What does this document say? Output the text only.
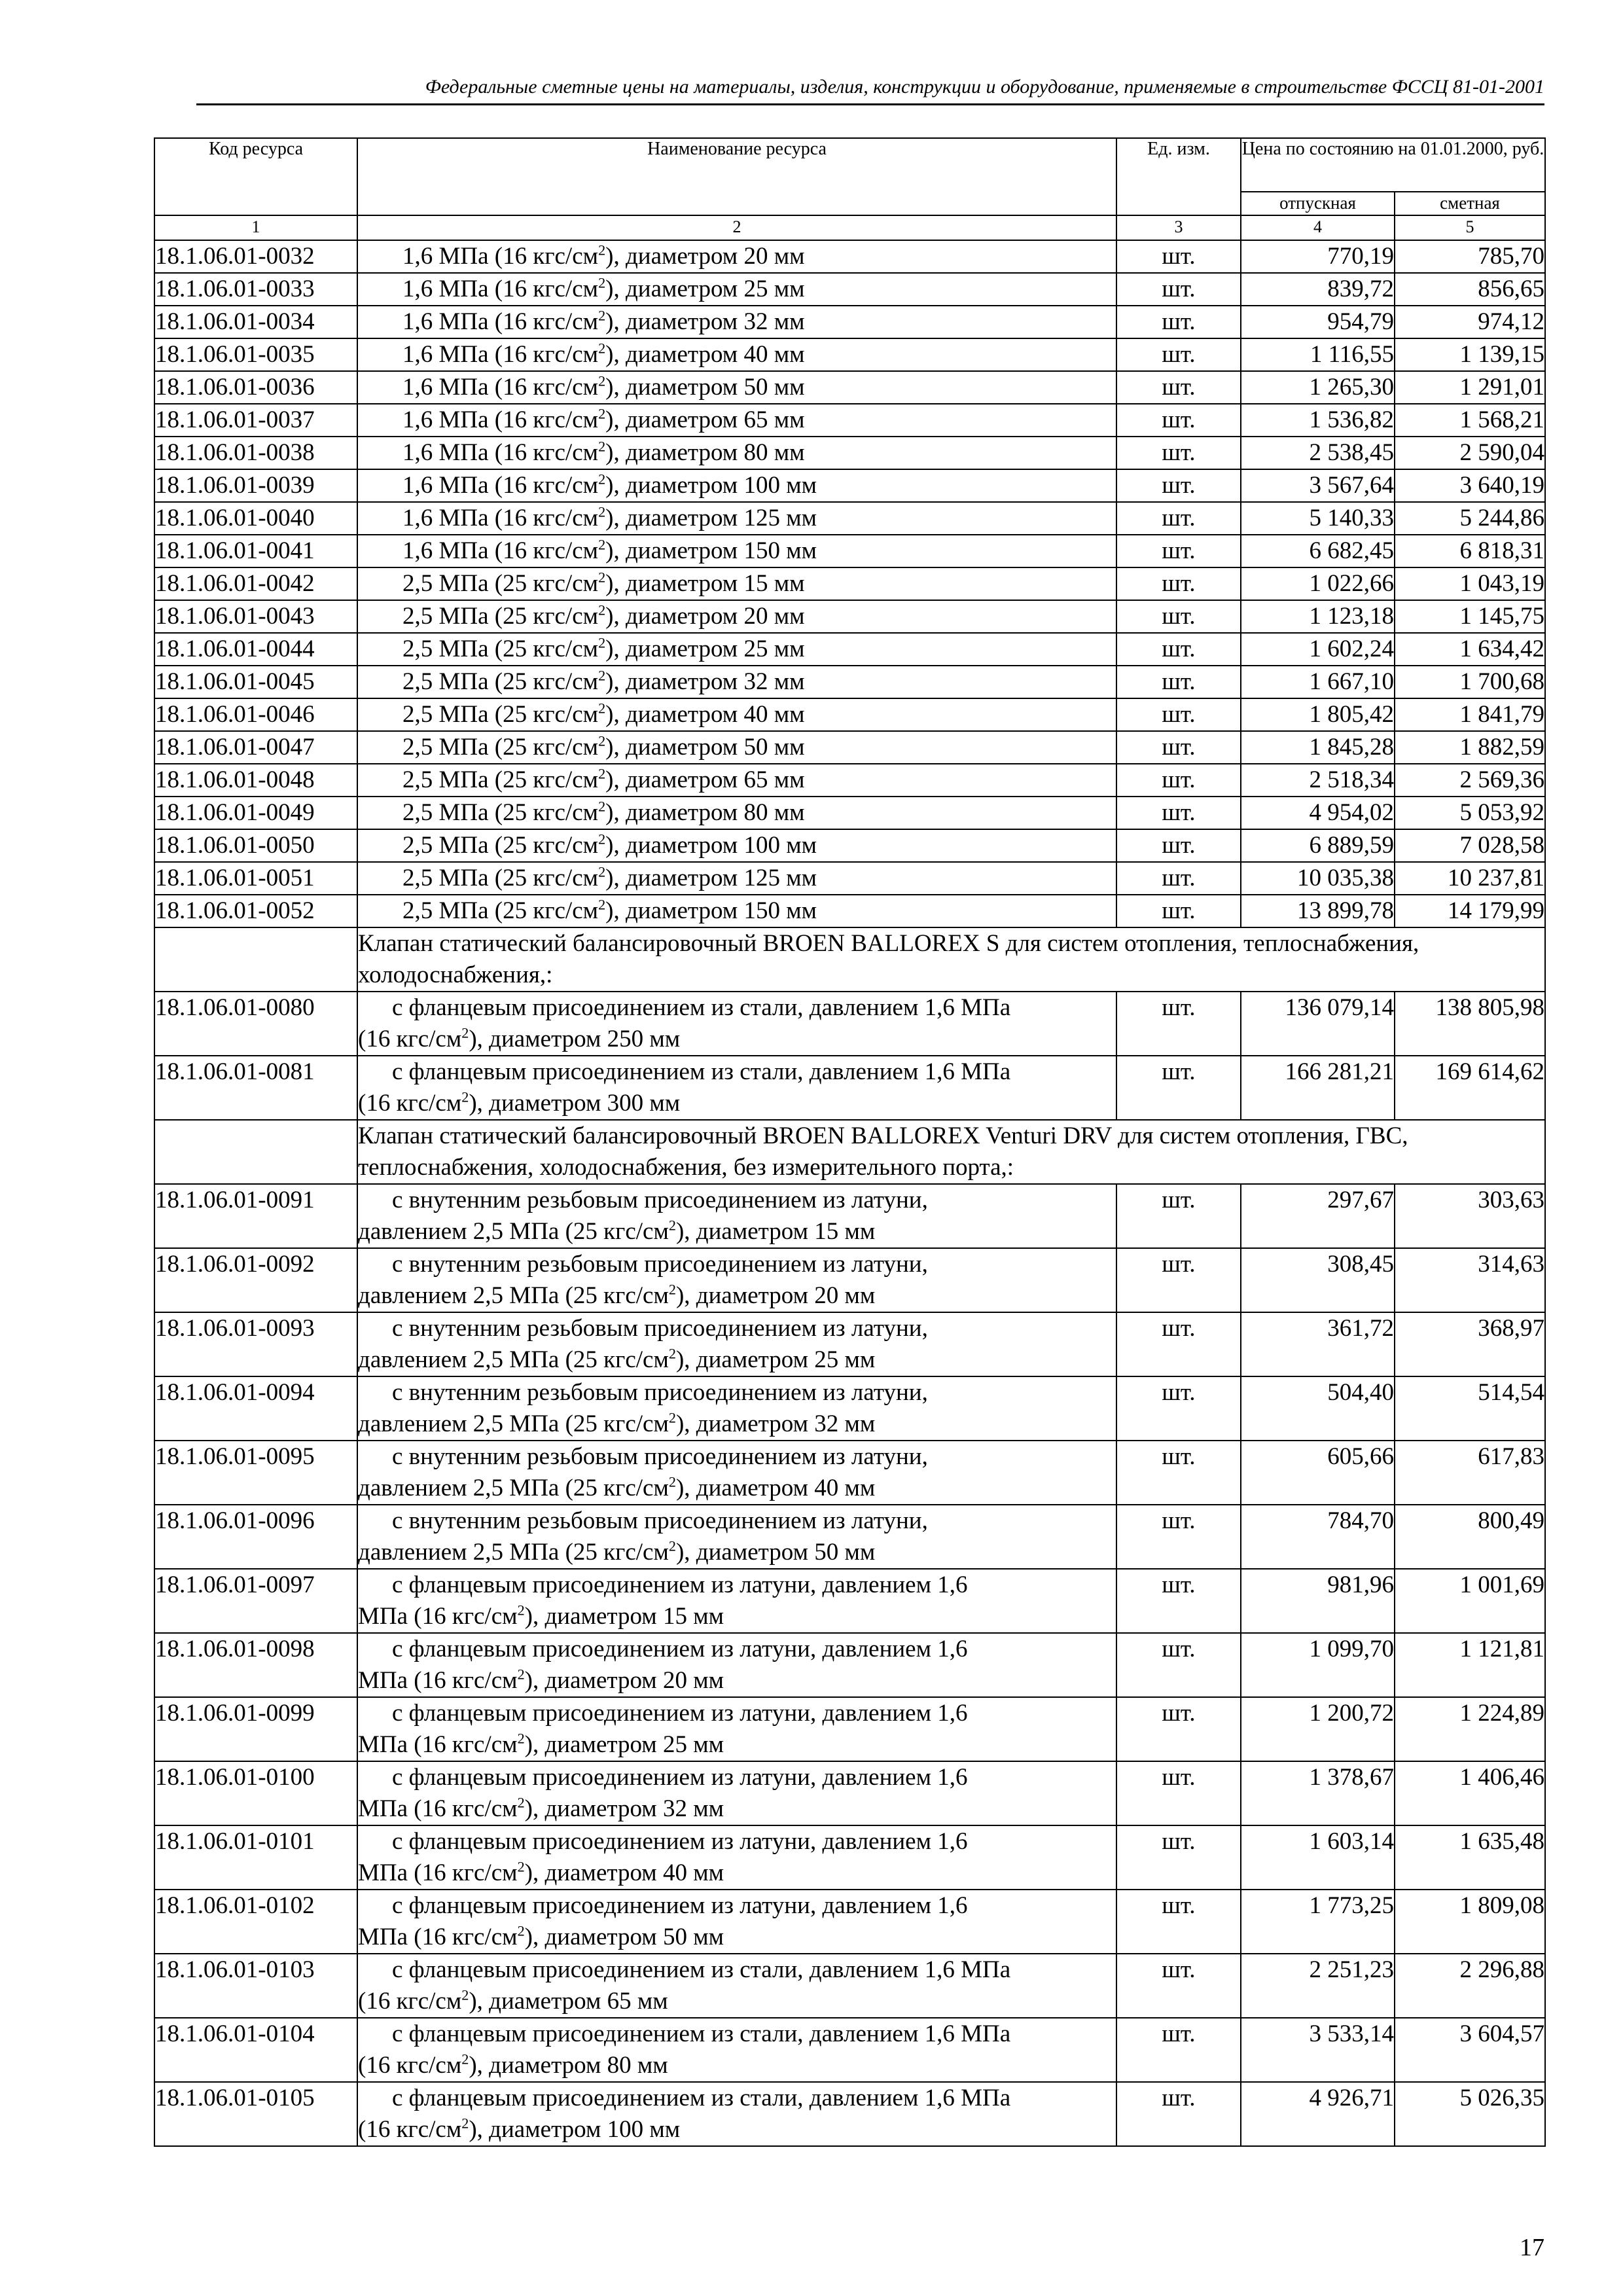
Федеральные сметные цены на материалы, изделия, конструкции и оборудование, применяемые в строительстве ФССЦ 81-01-2001
Код ресурса	Наименование ресурса	Ед. изм.	Цена по состоянию на 01.01.2000, руб.	
			отпускная	сметная
1	2	3	4	5
18.1.06.01-0032	1,6 МПа (16 кгс/$см^2$), диаметром 20 мм	шт.	770,19	785,70
18.1.06.01-0033	1,6 МПа (16 кгс/$см^2$), диаметром 25 мм	шт.	839,72	856,65
18.1.06.01-0034	1,6 МПа (16 кгс/$см^2$), диаметром 32 мм	шт.	954,79	974,12
18.1.06.01-0035	1,6 МПа (16 кгс/$см^2$), диаметром 40 мм	шт.	1 116,55	1 139,15
18.1.06.01-0036	1,6 МПа (16 кгс/$см^2$), диаметром 50 мм	шт.	1 265,30	1 291,01
18.1.06.01-0037	1,6 МПа (16 кгс/$см^2$), диаметром 65 мм	шт.	1 536,82	1 568,21
18.1.06.01-0038	1,6 МПа (16 кгс/$см^2$), диаметром 80 мм	шт.	2 538,45	2 590,04
18.1.06.01-0039	1,6 МПа (16 кгс/$см^2$), диаметром 100 мм	шт.	3 567,64	3 640,19
18.1.06.01-0040	1,6 МПа (16 кгс/$см^2$), диаметром 125 мм	шт.	5 140,33	5 244,86
18.1.06.01-0041	1,6 МПа (16 кгс/$см^2$), диаметром 150 мм	шт.	6 682,45	6 818,31
18.1.06.01-0042	2,5 МПа (25 кгс/$см^2$), диаметром 15 мм	шт.	1 022,66	1 043,19
18.1.06.01-0043	2,5 МПа (25 кгс/$см^2$), диаметром 20 мм	шт.	1 123,18	1 145,75
18.1.06.01-0044	2,5 МПа (25 кгс/$см^2$), диаметром 25 мм	шт.	1 602,24	1 634,42
18.1.06.01-0045	2,5 МПа (25 кгс/$см^2$), диаметром 32 мм	шт.	1 667,10	1 700,68
18.1.06.01-0046	2,5 МПа (25 кгс/$см^2$), диаметром 40 мм	шт.	1 805,42	1 841,79
18.1.06.01-0047	2,5 МПа (25 кгс/$см^2$), диаметром 50 мм	шт.	1 845,28	1 882,59
18.1.06.01-0048	2,5 МПа (25 кгс/$см^2$), диаметром 65 мм	шт.	2 518,34	2 569,36
18.1.06.01-0049	2,5 МПа (25 кгс/$см^2$), диаметром 80 мм	шт.	4 954,02	5 053,92
18.1.06.01-0050	2,5 МПа (25 кгс/$см^2$), диаметром 100 мм	шт.	6 889,59	7 028,58
18.1.06.01-0051	2,5 МПа (25 кгс/$см^2$), диаметром 125 мм	шт.	10 035,38	10 237,81
18.1.06.01-0052	2,5 МПа (25 кгс/$см^2$), диаметром 150 мм	шт.	13 899,78	14 179,99
	Клапан статический балансировочный BROEN BALLOREX S для систем отопления, теплоснабжения, холодоснабжения,:			
18.1.06.01-0080	с фланцевым присоединением из стали, давлением 1,6 МПа
(16 кгс/$см^2$), диаметром 250 мм	шт.	136 079,14	138 805,98
18.1.06.01-0081	с фланцевым присоединением из стали, давлением 1,6 МПа
(16 кгс/$см^2$), диаметром 300 мм	шт.	166 281,21	169 614,62
	Клапан статический балансировочный BROEN BALLOREX Venturi DRV для систем отопления, ГВС, теплоснабжения, холодоснабжения, без измерительного порта,:			
18.1.06.01-0091	с внутенним резьбовым присоединением из латуни,
давлением 2,5 МПа (25 кгс/$см^2$), диаметром 15 мм	шт.	297,67	303,63
18.1.06.01-0092	с внутенним резьбовым присоединением из латуни,
давлением 2,5 МПа (25 кгс/$см^2$), диаметром 20 мм	шт.	308,45	314,63
18.1.06.01-0093	с внутенним резьбовым присоединением из латуни,
давлением 2,5 МПа (25 кгс/$см^2$), диаметром 25 мм	шт.	361,72	368,97
18.1.06.01-0094	с внутенним резьбовым присоединением из латуни,
давлением 2,5 МПа (25 кгс/$см^2$), диаметром 32 мм	шт.	504,40	514,54
18.1.06.01-0095	с внутенним резьбовым присоединением из латуни,
давлением 2,5 МПа (25 кгс/$см^2$), диаметром 40 мм	шт.	605,66	617,83
18.1.06.01-0096	с внутенним резьбовым присоединением из латуни,
давлением 2,5 МПа (25 кгс/$см^2$), диаметром 50 мм	шт.	784,70	800,49
18.1.06.01-0097	с фланцевым присоединением из латуни, давлением 1,6
МПа (16 кгс/$см^2$), диаметром 15 мм	шт.	981,96	1 001,69
18.1.06.01-0098	с фланцевым присоединением из латуни, давлением 1,6
МПа (16 кгс/$см^2$), диаметром 20 мм	шт.	1 099,70	1 121,81
18.1.06.01-0099	с фланцевым присоединением из латуни, давлением 1,6
МПа (16 кгс/$см^2$), диаметром 25 мм	шт.	1 200,72	1 224,89
18.1.06.01-0100	с фланцевым присоединением из латуни, давлением 1,6
МПа (16 кгс/$см^2$), диаметром 32 мм	шт.	1 378,67	1 406,46
18.1.06.01-0101	с фланцевым присоединением из латуни, давлением 1,6
МПа (16 кгс/$см^2$), диаметром 40 мм	шт.	1 603,14	1 635,48
18.1.06.01-0102	с фланцевым присоединением из латуни, давлением 1,6
МПа (16 кгс/$см^2$), диаметром 50 мм	шт.	1 773,25	1 809,08
18.1.06.01-0103	с фланцевым присоединением из стали, давлением 1,6 МПа
(16 кгс/$см^2$), диаметром 65 мм	шт.	2 251,23	2 296,88
18.1.06.01-0104	с фланцевым присоединением из стали, давлением 1,6 МПа
(16 кгс/$см^2$), диаметром 80 мм	шт.	3 533,14	3 604,57
18.1.06.01-0105	с фланцевым присоединением из стали, давлением 1,6 МПа
(16 кгс/$см^2$), диаметром 100 мм	шт.	4 926,71	5 026,35
17
